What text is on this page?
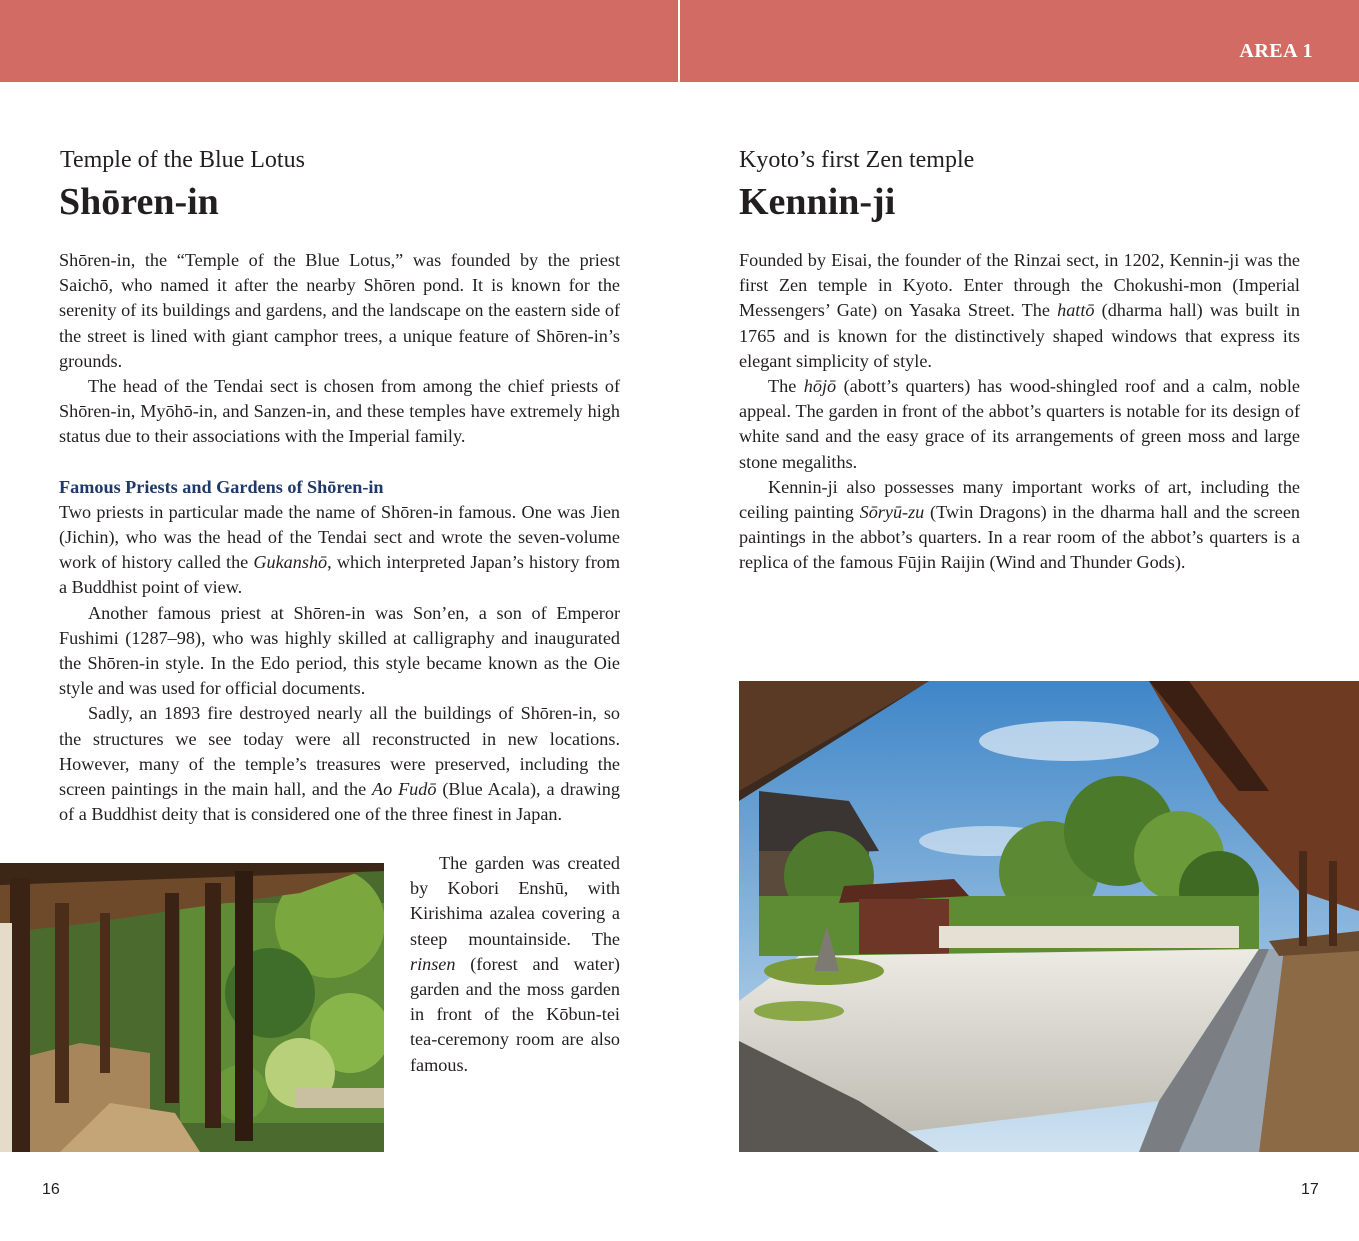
AREA 1
Temple of the Blue Lotus
Shōren-in

Shōren-in, the “Temple of the Blue Lotus,” was founded by the priest Saichō, who named it after the nearby Shōren pond. It is known for the serenity of its buildings and gardens, and the landscape on the eastern side of the street is lined with giant camphor trees, a unique feature of Shōren-in’s grounds.

The head of the Tendai sect is chosen from among the chief priests of Shōren-in, Myōhō-in, and Sanzen-in, and these temples have extremely high status due to their associations with the Imperial family.

Famous Priests and Gardens of Shōren-in

Two priests in particular made the name of Shōren-in famous. One was Jien (Jichin), who was the head of the Tendai sect and wrote the seven-volume work of history called the Gukanshō, which interpreted Japan’s history from a Buddhist point of view.

Another famous priest at Shōren-in was Son’en, a son of Emperor Fushimi (1287–98), who was highly skilled at calligraphy and inaugurated the Shōren-in style. In the Edo period, this style became known as the Oie style and was used for official documents.

Sadly, an 1893 fire destroyed nearly all the buildings of Shōren-in, so the structures we see today were all reconstructed in new locations. However, many of the temple’s treasures were preserved, including the screen paintings in the main hall, and the Ao Fudō (Blue Acala), a drawing of a Buddhist deity that is considered one of the three finest in Japan.

The garden was created by Kobori Enshū, with Kirishima azalea covering a steep mountainside. The rinsen (forest and water) garden and the moss garden in front of the Kōbun-tei tea-ceremony room are also famous.

16
Kyoto’s first Zen temple
Kennin-ji

Founded by Eisai, the founder of the Rinzai sect, in 1202, Kennin-ji was the first Zen temple in Kyoto. Enter through the Chokushi-mon (Imperial Messengers’ Gate) on Yasaka Street. The hattō (dharma hall) was built in 1765 and is known for the distinctively shaped windows that express its elegant simplicity of style.

The hōjō (abott’s quarters) has wood-shingled roof and a calm, noble appeal. The garden in front of the abbot’s quarters is notable for its design of white sand and the easy grace of its arrangements of green moss and large stone megaliths.

Kennin-ji also possesses many important works of art, including the ceiling painting Sōryū-zu (Twin Dragons) in the dharma hall and the screen paintings in the abbot’s quarters. In a rear room of the abbot’s quarters is a replica of the famous Fūjin Raijin (Wind and Thunder Gods).

17
